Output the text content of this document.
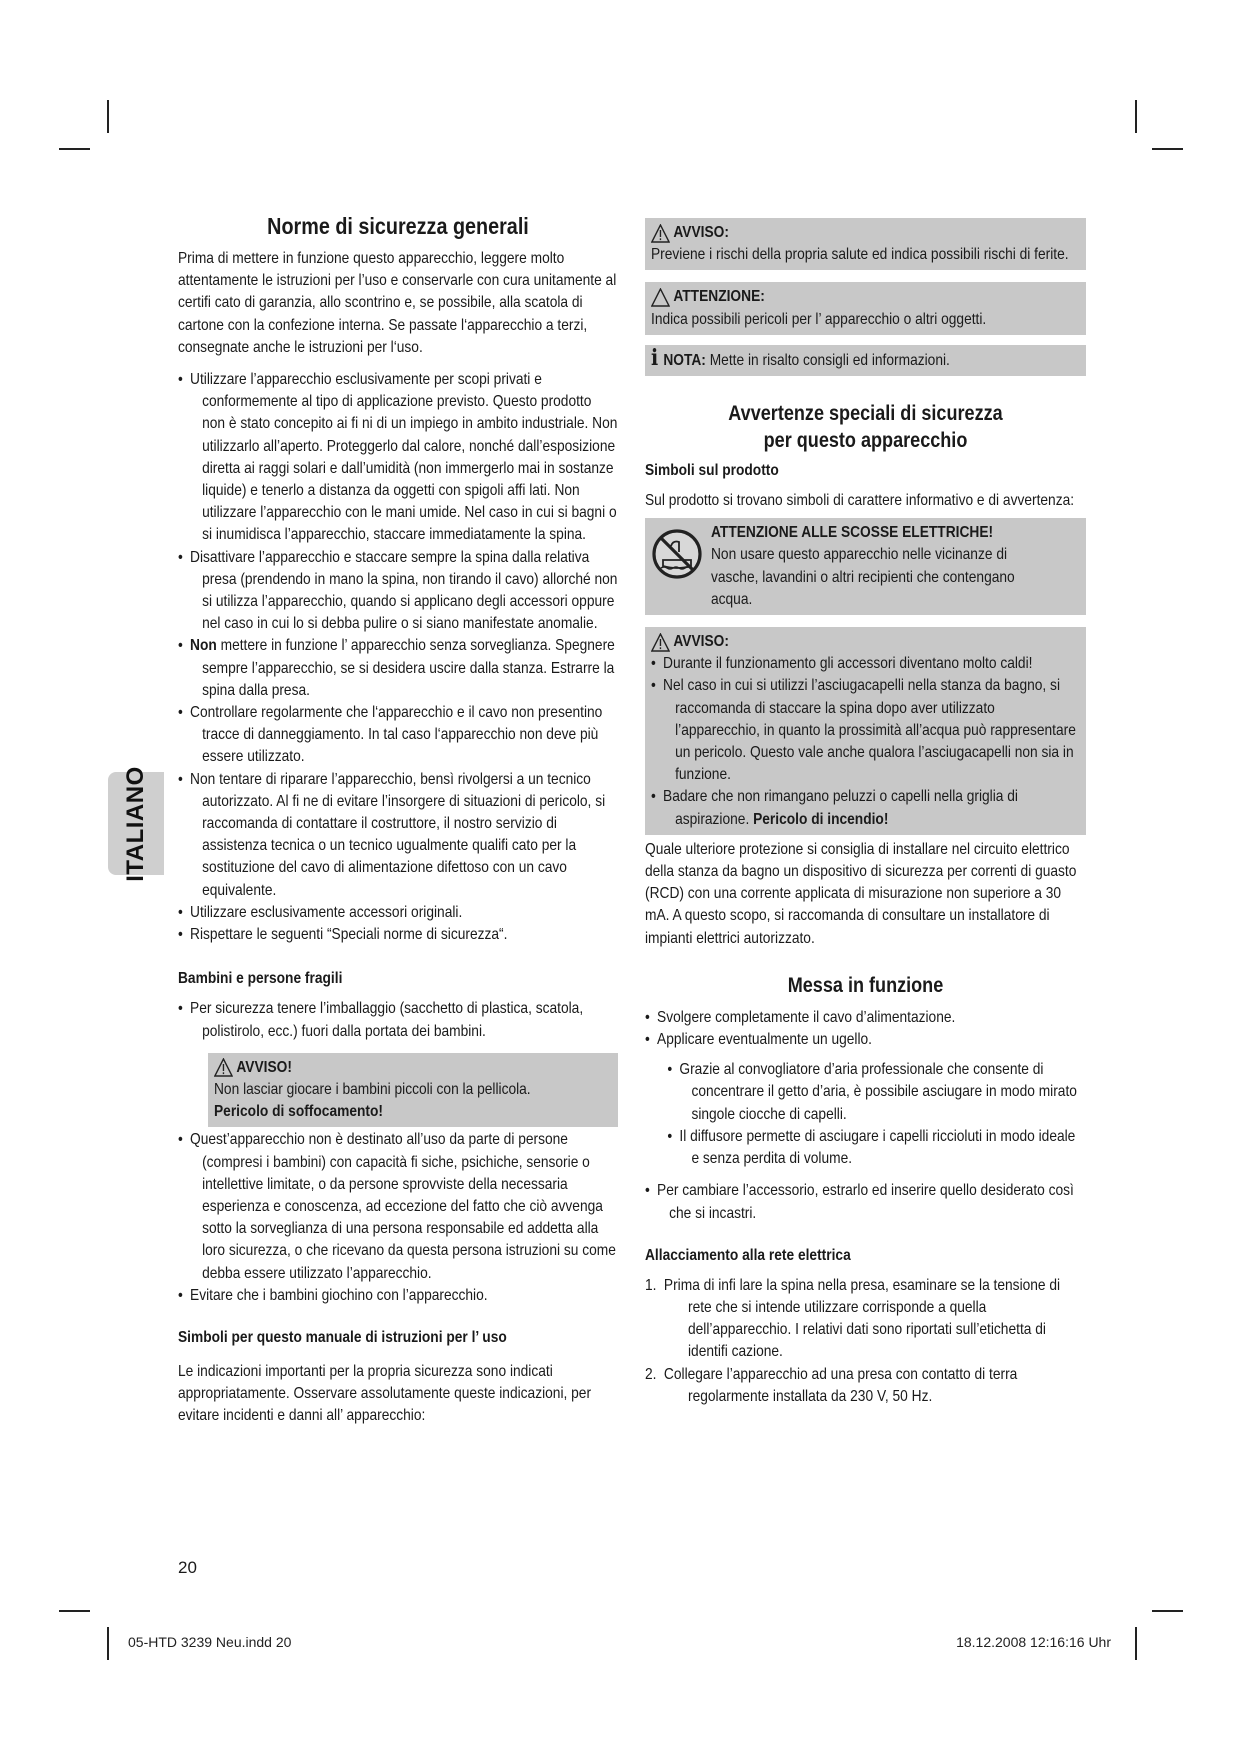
ITALIANO
Norme di sicurezza generali

Prima di mettere in funzione questo apparecchio, leggere molto attentamente le istruzioni per l’uso e conservarle con cura unitamente al certifi cato di garanzia, allo scontrino e, se possibile, alla scatola di cartone con la confezione interna. Se passate l‘apparecchio a terzi, consegnate anche le istruzioni per l‘uso.

• Utilizzare l’apparecchio esclusivamente per scopi privati e conformemente al tipo di applicazione previsto. Questo prodotto non è stato concepito ai fi ni di un impiego in ambito industriale. Non utilizzarlo all’aperto. Proteggerlo dal calore, nonché dall’esposizione diretta ai raggi solari e dall’umidità (non immergerlo mai in sostanze liquide) e tenerlo a distanza da oggetti con spigoli affi lati. Non utilizzare l’apparecchio con le mani umide. Nel caso in cui si bagni o si inumidisca l’apparecchio, staccare immediatamente la spina.
• Disattivare l’apparecchio e staccare sempre la spina dalla relativa presa (prendendo in mano la spina, non tirando il cavo) allorché non si utilizza l’apparecchio, quando si applicano degli accessori oppure nel caso in cui lo si debba pulire o si siano manifestate anomalie.
• Non mettere in funzione l’ apparecchio senza sorveglianza. Spegnere sempre l’apparecchio, se si desidera uscire dalla stanza. Estrarre la spina dalla presa.
• Controllare regolarmente che l‘apparecchio e il cavo non presentino tracce di danneggiamento. In tal caso l‘apparecchio non deve più essere utilizzato.
• Non tentare di riparare l’apparecchio, bensì rivolgersi a un tecnico autorizzato. Al fi ne di evitare l’insorgere di situazioni di pericolo, si raccomanda di contattare il costruttore, il nostro servizio di assistenza tecnica o un tecnico ugualmente qualifi cato per la sostituzione del cavo di alimentazione difettoso con un cavo equivalente.
• Utilizzare esclusivamente accessori originali.
• Rispettare le seguenti “Speciali norme di sicurezza“.
Bambini e persone fragili
• Per sicurezza tenere l’imballaggio (sacchetto di plastica, scatola, polistirolo, ecc.) fuori dalla portata dei bambini.
AVVISO!
Non lasciar giocare i bambini piccoli con la pellicola.
Pericolo di soffocamento!
• Quest’apparecchio non è destinato all’uso da parte di persone (compresi i bambini) con capacità fi siche, psichiche, sensorie o intellettive limitate, o da persone sprovviste della necessaria esperienza e conoscenza, ad eccezione del fatto che ciò avvenga sotto la sorveglianza di una persona responsabile ed addetta alla loro sicurezza, o che ricevano da questa persona istruzioni su come debba essere utilizzato l’apparecchio.
• Evitare che i bambini giochino con l’apparecchio.
Simboli per questo manuale di istruzioni per l’ uso

Le indicazioni importanti per la propria sicurezza sono indicati appropriatamente. Osservare assolutamente queste indicazioni, per evitare incidenti e danni all’ apparecchio:

AVVISO:
Previene i rischi della propria salute ed indica possibili rischi di ferite.
ATTENZIONE:
Indica possibili pericoli per l’ apparecchio o altri oggetti.
i NOTA: Mette in risalto consigli ed informazioni.
Avvertenze speciali di sicurezza
per questo apparecchio
Simboli sul prodotto

Sul prodotto si trovano simboli di carattere informativo e di avvertenza:

ATTENZIONE ALLE SCOSSE ELETTRICHE!
Non usare questo apparecchio nelle vicinanze di vasche, lavandini o altri recipienti che contengano acqua.
AVVISO:
• Durante il funzionamento gli accessori diventano molto caldi!
• Nel caso in cui si utilizzi l’asciugacapelli nella stanza da bagno, si raccomanda di staccare la spina dopo aver utilizzato l’apparecchio, in quanto la prossimità all’acqua può rappresentare un pericolo. Questo vale anche qualora l’asciugacapelli non sia in funzione.
• Badare che non rimangano peluzzi o capelli nella griglia di aspirazione. Pericolo di incendio!

Quale ulteriore protezione si consiglia di installare nel circuito elettrico della stanza da bagno un dispositivo di sicurezza per correnti di guasto (RCD) con una corrente applicata di misurazione non superiore a 30 mA. A questo scopo, si raccomanda di consultare un installatore di impianti elettrici autorizzato.

Messa in funzione
• Svolgere completamente il cavo d’alimentazione.
• Applicare eventualmente un ugello.
• Grazie al convogliatore d’aria professionale che consente di concentrare il getto d’aria, è possibile asciugare in modo mirato singole ciocche di capelli.
• Il diffusore permette di asciugare i capelli riccioluti in modo ideale e senza perdita di volume.
• Per cambiare l’accessorio, estrarlo ed inserire quello desiderato così che si incastri.
Allacciamento alla rete elettrica
1. Prima di infi lare la spina nella presa, esaminare se la tensione di rete che si intende utilizzare corrisponde a quella dell’apparecchio. I relativi dati sono riportati sull’etichetta di identifi cazione.
2. Collegare l’apparecchio ad una presa con contatto di terra regolarmente installata da 230 V, 50 Hz.
20
05-HTD 3239 Neu.indd 20	18.12.2008 12:16:16 Uhr
